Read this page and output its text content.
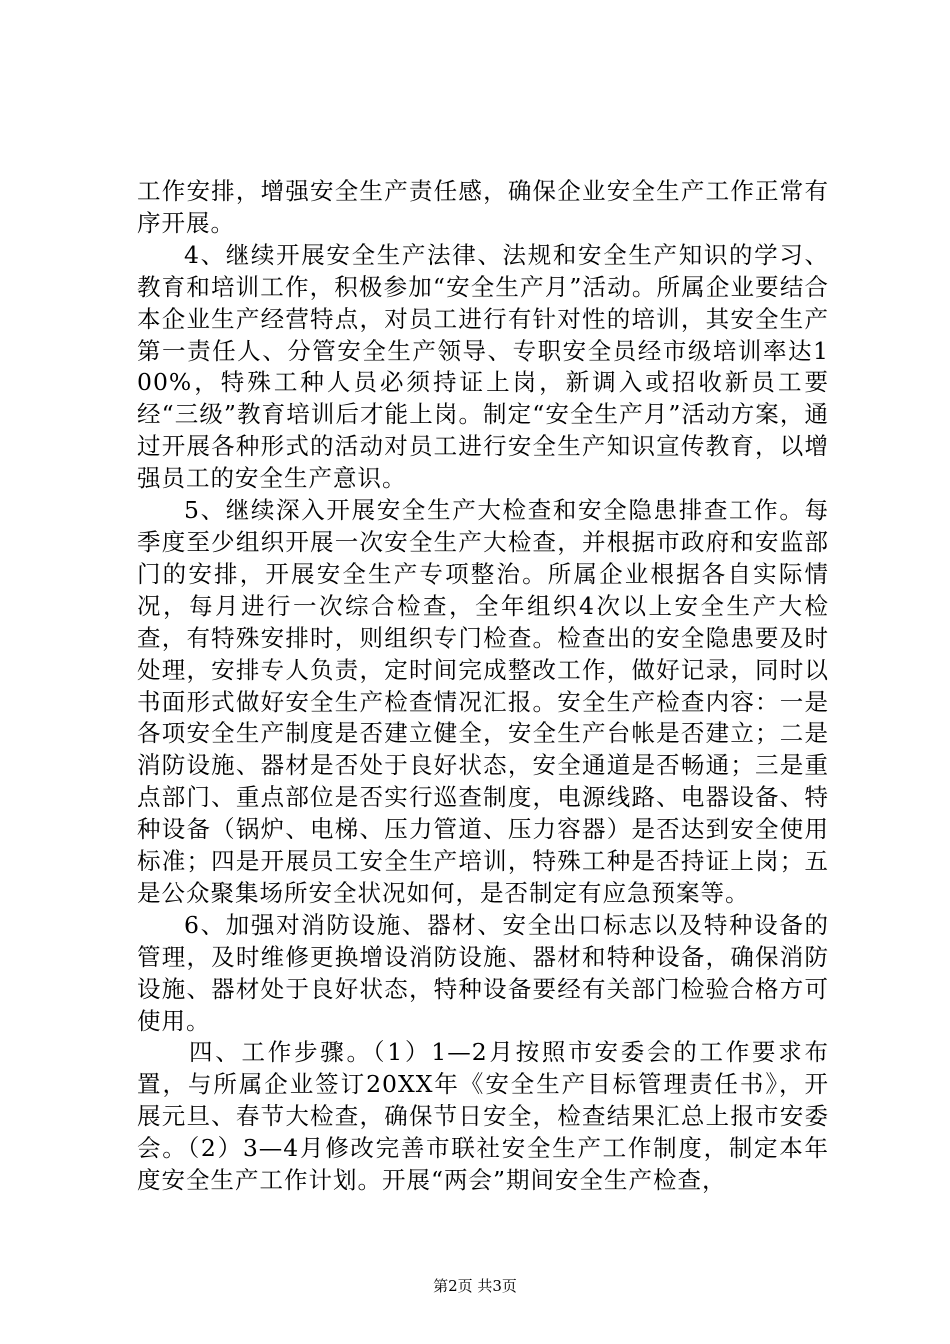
工作安排，增强安全生产责任感，确保企业安全生产工作正常有序开展。

4、继续开展安全生产法律、法规和安全生产知识的学习、教育和培训工作，积极参加“安全生产月”活动。所属企业要结合本企业生产经营特点，对员工进行有针对性的培训，其安全生产第一责任人、分管安全生产领导、专职安全员经市级培训率达100%，特殊工种人员必须持证上岗，新调入或招收新员工要经“三级”教育培训后才能上岗。制定“安全生产月”活动方案，通过开展各种形式的活动对员工进行安全生产知识宣传教育，以增强员工的安全生产意识。

5、继续深入开展安全生产大检查和安全隐患排查工作。每季度至少组织开展一次安全生产大检查，并根据市政府和安监部门的安排，开展安全生产专项整治。所属企业根据各自实际情况，每月进行一次综合检查，全年组织4次以上安全生产大检查，有特殊安排时，则组织专门检查。检查出的安全隐患要及时处理，安排专人负责，定时间完成整改工作，做好记录，同时以书面形式做好安全生产检查情况汇报。安全生产检查内容：一是各项安全生产制度是否建立健全，安全生产台帐是否建立；二是消防设施、器材是否处于良好状态，安全通道是否畅通；三是重点部门、重点部位是否实行巡查制度，电源线路、电器设备、特种设备（锅炉、电梯、压力管道、压力容器）是否达到安全使用标准；四是开展员工安全生产培训，特殊工种是否持证上岗；五是公众聚集场所安全状况如何，是否制定有应急预案等。

6、加强对消防设施、器材、安全出口标志以及特种设备的管理，及时维修更换增设消防设施、器材和特种设备，确保消防设施、器材处于良好状态，特种设备要经有关部门检验合格方可使用。

四、工作步骤。（1）1—2月按照市安委会的工作要求布置，与所属企业签订20XX年《安全生产目标管理责任书》，开展元旦、春节大检查，确保节日安全，检查结果汇总上报市安委会。（2）3—4月修改完善市联社安全生产工作制度，制定本年度安全生产工作计划。开展“两会”期间安全生产检查，

第2页 共3页
